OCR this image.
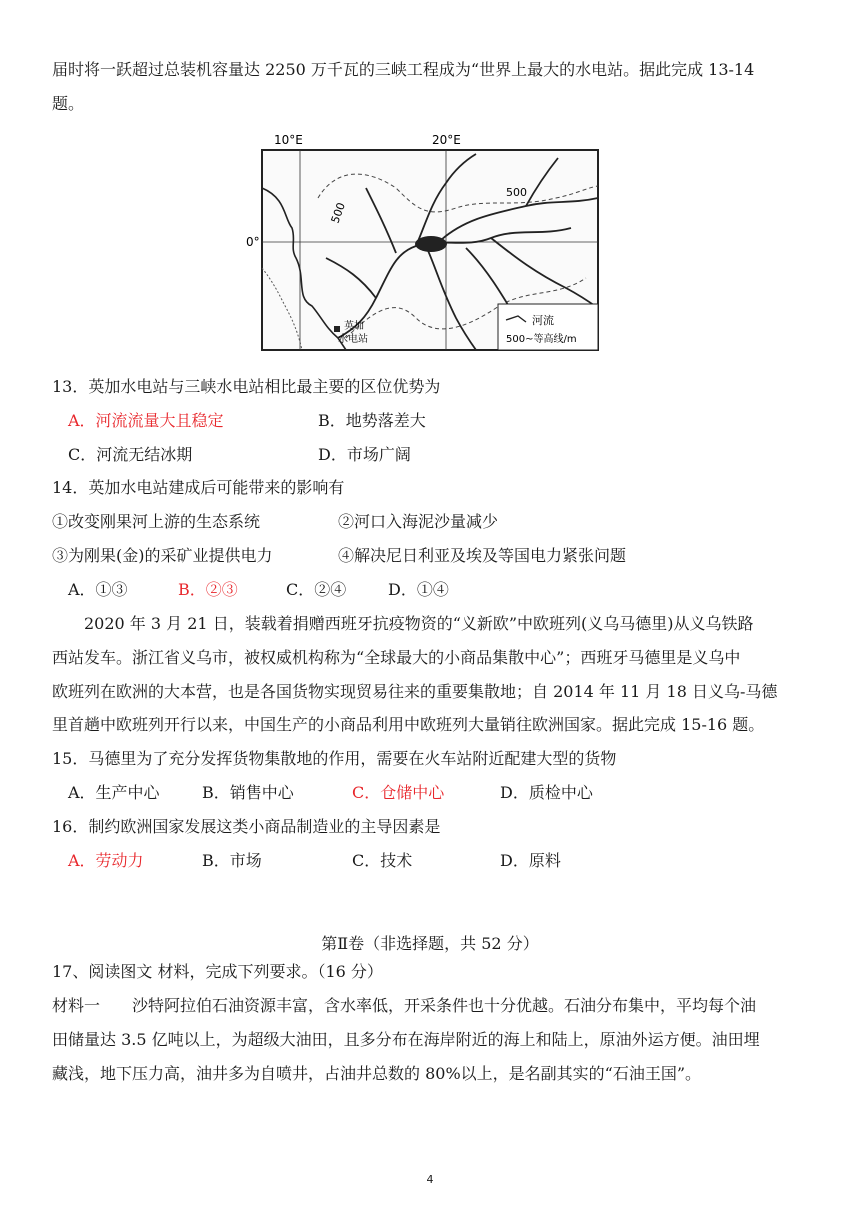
届时将一跃超过总装机容量达 2250 万千瓦的三峡工程成为“世界上最大的水电站。据此完成 13-14
题。
10°E	20°E
0°
500
500
英加
水电站
河流
500~等高线/m
13．英加水电站与三峡水电站相比最主要的区位优势为
A．河流流量大且稳定	B．地势落差大
C．河流无结冰期	D．市场广阔
14．英加水电站建成后可能带来的影响有
①改变刚果河上游的生态系统	②河口入海泥沙量减少
③为刚果(金)的采矿业提供电力	④解决尼日利亚及埃及等国电力紧张问题
A．①③	B．②③	C．②④	D．①④
2020 年 3 月 21 日，装载着捐赠西班牙抗疫物资的“义新欧”中欧班列(义乌马德里)从义乌铁路
西站发车。浙江省义乌市，被权威机构称为“全球最大的小商品集散中心”；西班牙马德里是义乌中
欧班列在欧洲的大本营，也是各国货物实现贸易往来的重要集散地；自 2014 年 11 月 18 日义乌-马德
里首趟中欧班列开行以来，中国生产的小商品利用中欧班列大量销往欧洲国家。据此完成 15-16 题。
15．马德里为了充分发挥货物集散地的作用，需要在火车站附近配建大型的货物
A．生产中心	B．销售中心	C．仓储中心	D．质检中心
16．制约欧洲国家发展这类小商品制造业的主导因素是
A．劳动力	B．市场	C．技术	D．原料
第Ⅱ卷（非选择题，共 52 分）
17、阅读图文 材料，完成下列要求。（16 分）
材料一　　沙特阿拉伯石油资源丰富，含水率低，开采条件也十分优越。石油分布集中，平均每个油
田储量达 3.5 亿吨以上，为超级大油田，且多分布在海岸附近的海上和陆上，原油外运方便。油田埋
藏浅，地下压力高，油井多为自喷井，占油井总数的 80%以上，是名副其实的“石油王国”。
4
